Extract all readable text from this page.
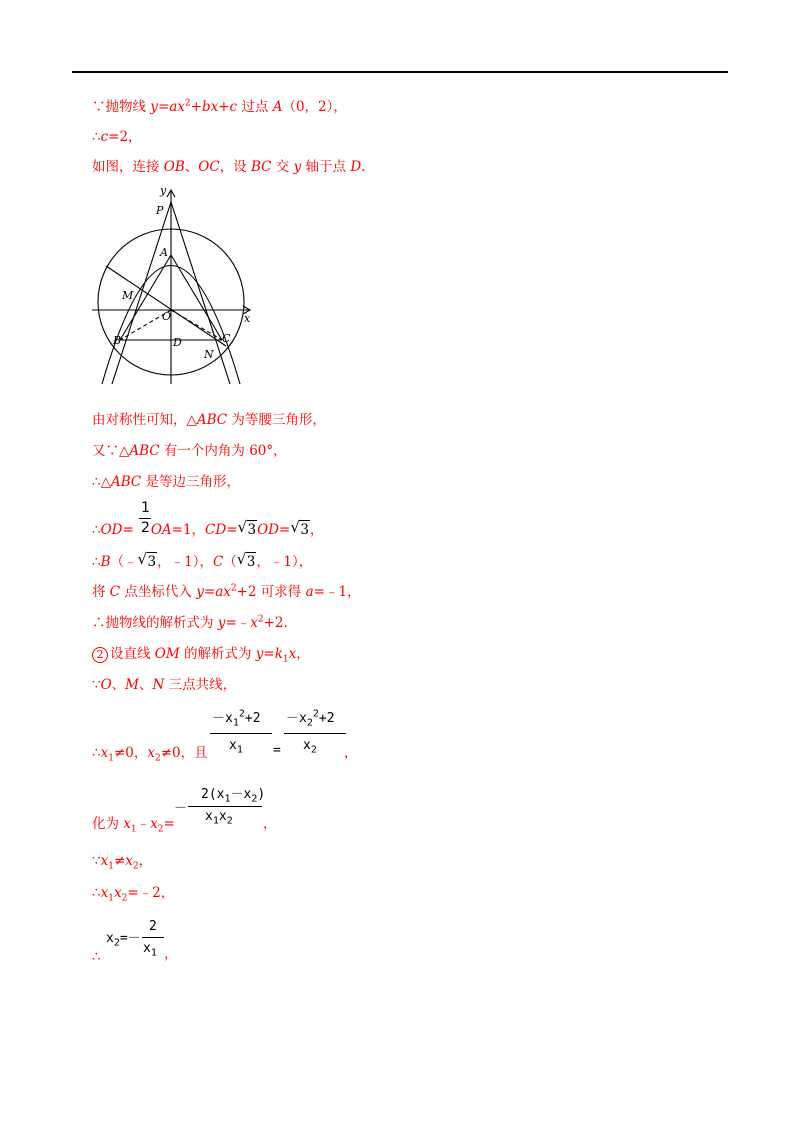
∵抛物线 $y=ax^2+bx+c$ 过点 A（0，2），
∴c=2，
如图，连接 OB、OC，设 BC 交 y 轴于点 D.
y
x
P
A
M
O
B	D	C
N
由对称性可知，△ABC 为等腰三角形，
又∵△ABC 有一个内角为 60°，
∴△ABC 是等边三角形，
1
2
∴OD= OA=1，CD= √ 3OD= √ 3，
∴B（﹣ √ 3，﹣1），C（ √ 3，﹣1），
将 C 点坐标代入 $y=ax^2+2$ 可求得 a=﹣1，
∴抛物线的解析式为 $y=﹣x^2+2$.
2 设直线 OM 的解析式为 $y=k_1x$，
∵O、M、N 三点共线，
$-x_1^2+2$
$x_1$ =
$-x_2^2+2$
$x_2$
$\therefore x_1\ne 0$，$x_2\ne 0$，且	，
－
$2(x_1-x_2)$
$x_1x_2$
化为 $x_1﹣x_2=$	，
$\because x_1\ne x_2$，
$\therefore x_1x_2=﹣2$，
$x_2=-$
2
$x_1$
∴	，
